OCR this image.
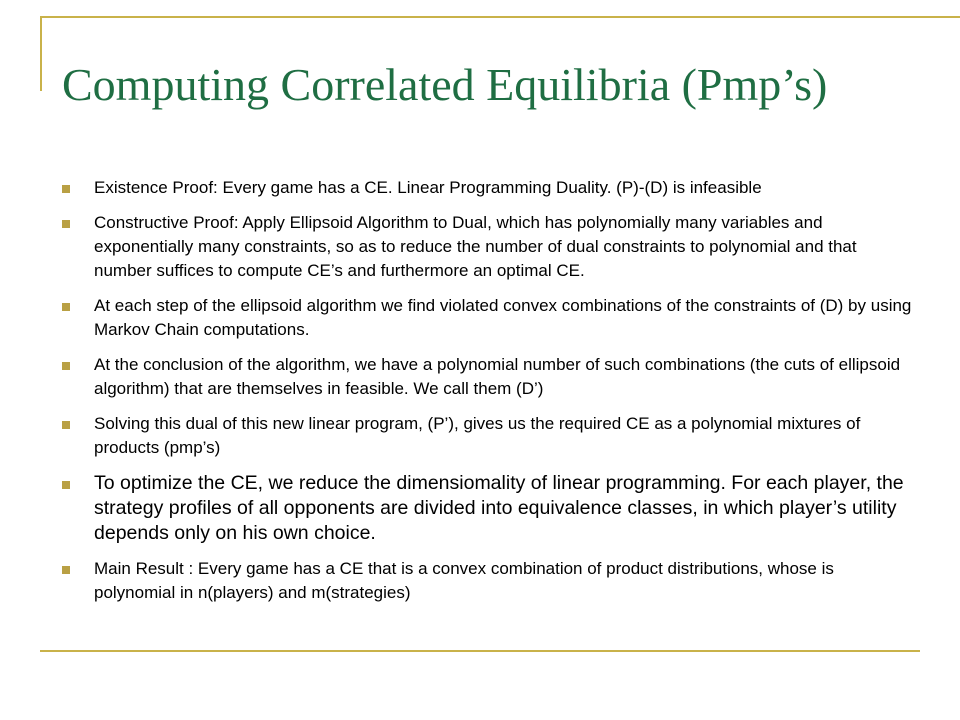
Computing Correlated Equilibria (Pmp’s)
Existence Proof: Every game has a CE. Linear Programming Duality. (P)-(D) is infeasible
Constructive Proof: Apply Ellipsoid Algorithm to Dual, which has polynomially many variables and exponentially many constraints, so as to reduce the number of dual constraints to polynomial and that number suffices to compute CE’s and furthermore an optimal CE.
At each step of the ellipsoid algorithm we find violated convex combinations of the constraints of (D) by using Markov Chain computations.
At the conclusion of the algorithm, we have a polynomial number of such combinations (the cuts of ellipsoid algorithm) that are themselves in feasible. We call them (D’)
Solving this dual of this new linear program, (P’), gives us the required CE as a polynomial mixtures of products (pmp’s)
To optimize the CE, we reduce the dimensiomality of linear programming. For each player, the strategy profiles of all opponents are divided into equivalence classes, in which player’s utility depends only on his own choice.
Main Result : Every game has a CE that is a convex combination of product distributions, whose is polynomial in n(players) and m(strategies)
